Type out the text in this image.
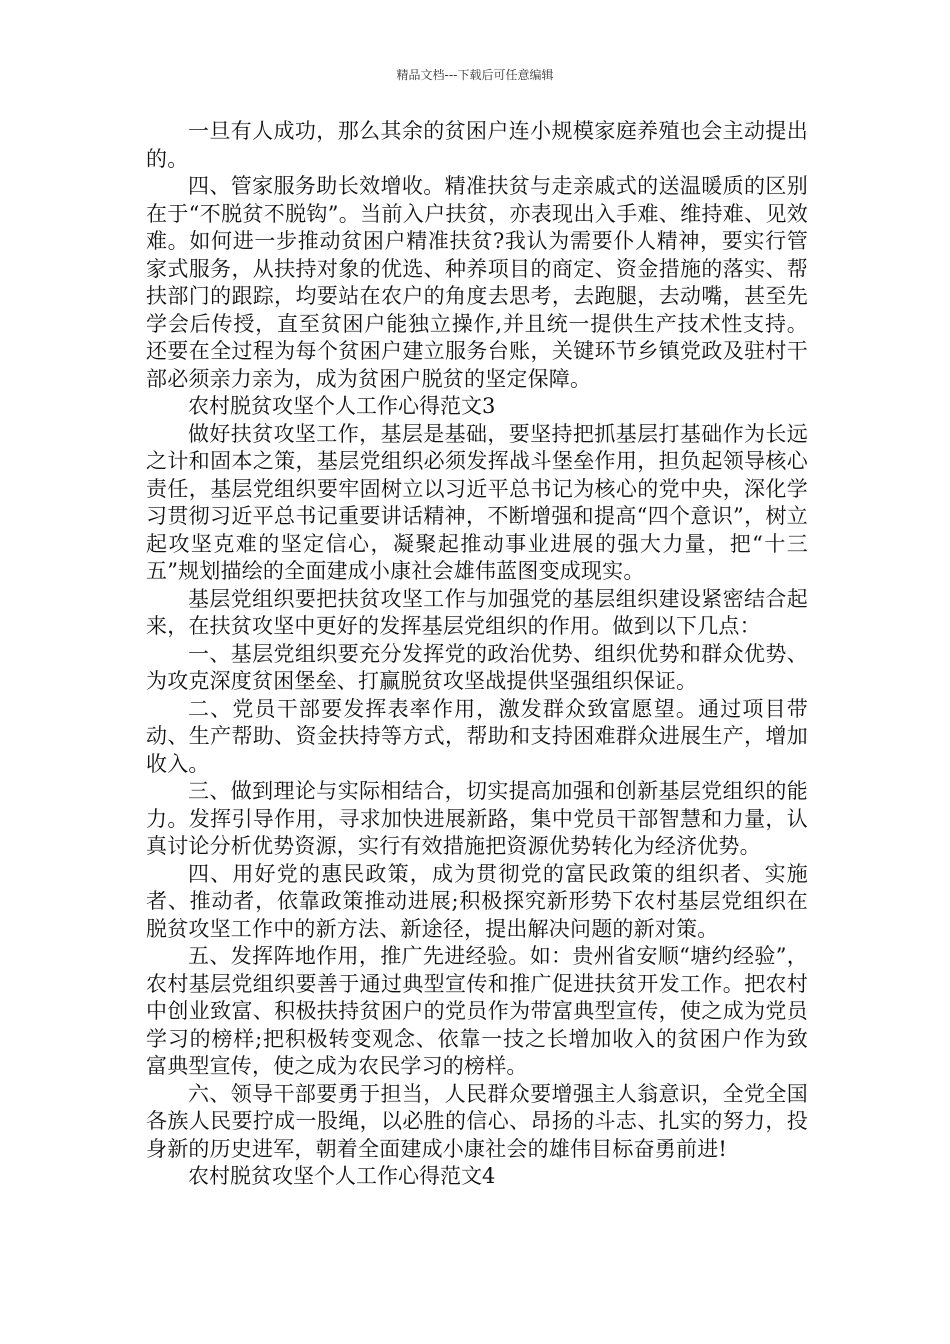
精品文档---下载后可任意编辑

一旦有人成功，那么其余的贫困户连小规模家庭养殖也会主动提出的。

四、管家服务助长效增收。精准扶贫与走亲戚式的送温暖质的区别在于“不脱贫不脱钩”。当前入户扶贫，亦表现出入手难、维持难、见效难。如何进一步推动贫困户精准扶贫?我认为需要仆人精神，要实行管家式服务，从扶持对象的优选、种养项目的商定、资金措施的落实、帮扶部门的跟踪，均要站在农户的角度去思考，去跑腿，去动嘴，甚至先学会后传授，直至贫困户能独立操作,并且统一提供生产技术性支持。还要在全过程为每个贫困户建立服务台账，关键环节乡镇党政及驻村干部必须亲力亲为，成为贫困户脱贫的坚定保障。

农村脱贫攻坚个人工作心得范文3

做好扶贫攻坚工作，基层是基础，要坚持把抓基层打基础作为长远之计和固本之策，基层党组织必须发挥战斗堡垒作用，担负起领导核心责任，基层党组织要牢固树立以习近平总书记为核心的党中央，深化学习贯彻习近平总书记重要讲话精神，不断增强和提高“四个意识”，树立起攻坚克难的坚定信心，凝聚起推动事业进展的强大力量，把“十三五”规划描绘的全面建成小康社会雄伟蓝图变成现实。

基层党组织要把扶贫攻坚工作与加强党的基层组织建设紧密结合起来，在扶贫攻坚中更好的发挥基层党组织的作用。做到以下几点：

一、基层党组织要充分发挥党的政治优势、组织优势和群众优势、为攻克深度贫困堡垒、打赢脱贫攻坚战提供坚强组织保证。

二、党员干部要发挥表率作用，激发群众致富愿望。通过项目带动、生产帮助、资金扶持等方式，帮助和支持困难群众进展生产，增加收入。

三、做到理论与实际相结合，切实提高加强和创新基层党组织的能力。发挥引导作用，寻求加快进展新路，集中党员干部智慧和力量，认真讨论分析优势资源，实行有效措施把资源优势转化为经济优势。

四、用好党的惠民政策，成为贯彻党的富民政策的组织者、实施者、推动者，依靠政策推动进展;积极探究新形势下农村基层党组织在脱贫攻坚工作中的新方法、新途径，提出解决问题的新对策。

五、发挥阵地作用，推广先进经验。如：贵州省安顺“塘约经验”，农村基层党组织要善于通过典型宣传和推广促进扶贫开发工作。把农村中创业致富、积极扶持贫困户的党员作为带富典型宣传，使之成为党员学习的榜样;把积极转变观念、依靠一技之长增加收入的贫困户作为致富典型宣传，使之成为农民学习的榜样。

六、领导干部要勇于担当，人民群众要增强主人翁意识，全党全国各族人民要拧成一股绳，以必胜的信心、昂扬的斗志、扎实的努力，投身新的历史进军，朝着全面建成小康社会的雄伟目标奋勇前进!

农村脱贫攻坚个人工作心得范文4
